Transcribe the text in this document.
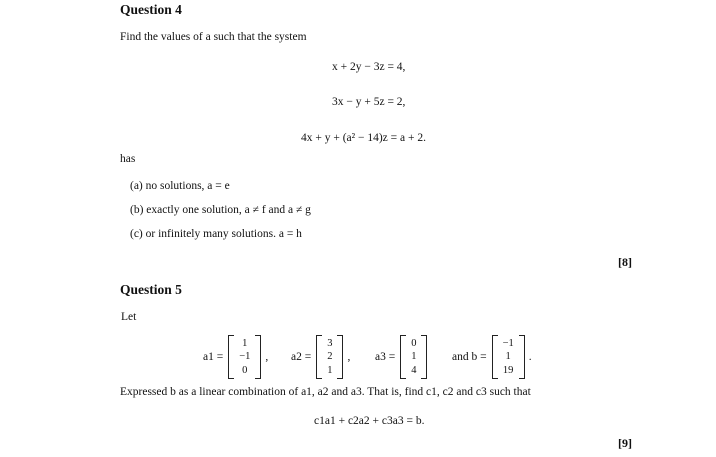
Question 4
Find the values of a such that the system
x + 2y − 3z = 4,
3x − y + 5z = 2,
4x + y + (a² − 14)z = a + 2.
has
(a) no solutions, a = e
(b) exactly one solution, a ≠ f and a ≠ g
(c) or infinitely many solutions. a = h
[8]
Question 5
Let
a1 =
1
−1
0
, a2 =
3
2
1
, a3 =
0
1
4
and b =
−1
1
19
.
Expressed b as a linear combination of a1, a2 and a3. That is, find c1, c2 and c3 such that
c1a1 + c2a2 + c3a3 = b.
[9]
